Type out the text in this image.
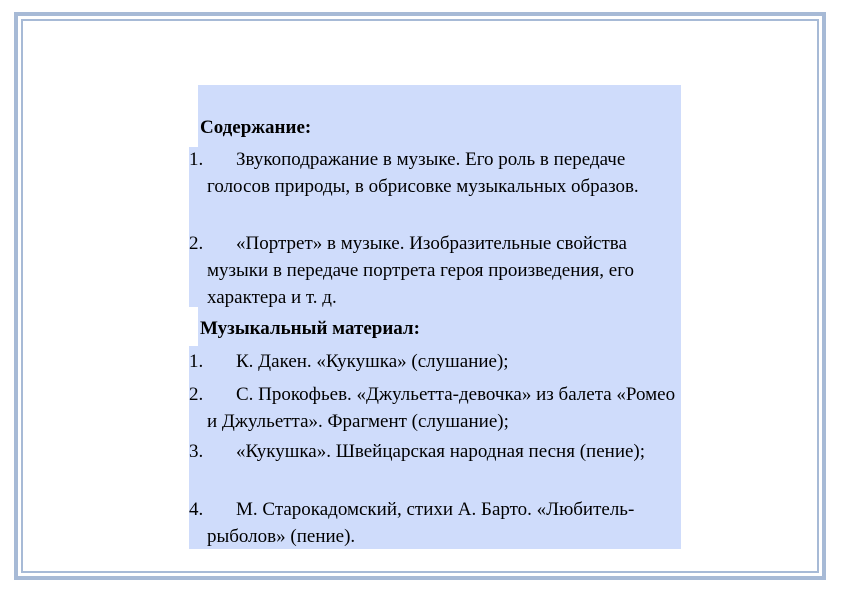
Содержание:
1.	Звукоподражание в музыке. Его роль в передаче голосов природы, в обрисовке музыкальных образов.
2.	«Портрет» в музыке. Изобразительные свойства музыки в передаче портрета героя произведения, его характера и т. д.
Музыкальный материал:
1.	К. Дакен. «Кукушка» (слушание);
2.	С. Прокофьев. «Джульетта-девочка» из балета «Ромео и Джульетта». Фрагмент (слушание);
3.	«Кукушка». Швейцарская народная песня (пение);
4.	М. Старокадомский, стихи А. Барто. «Любитель-рыболов» (пение).
